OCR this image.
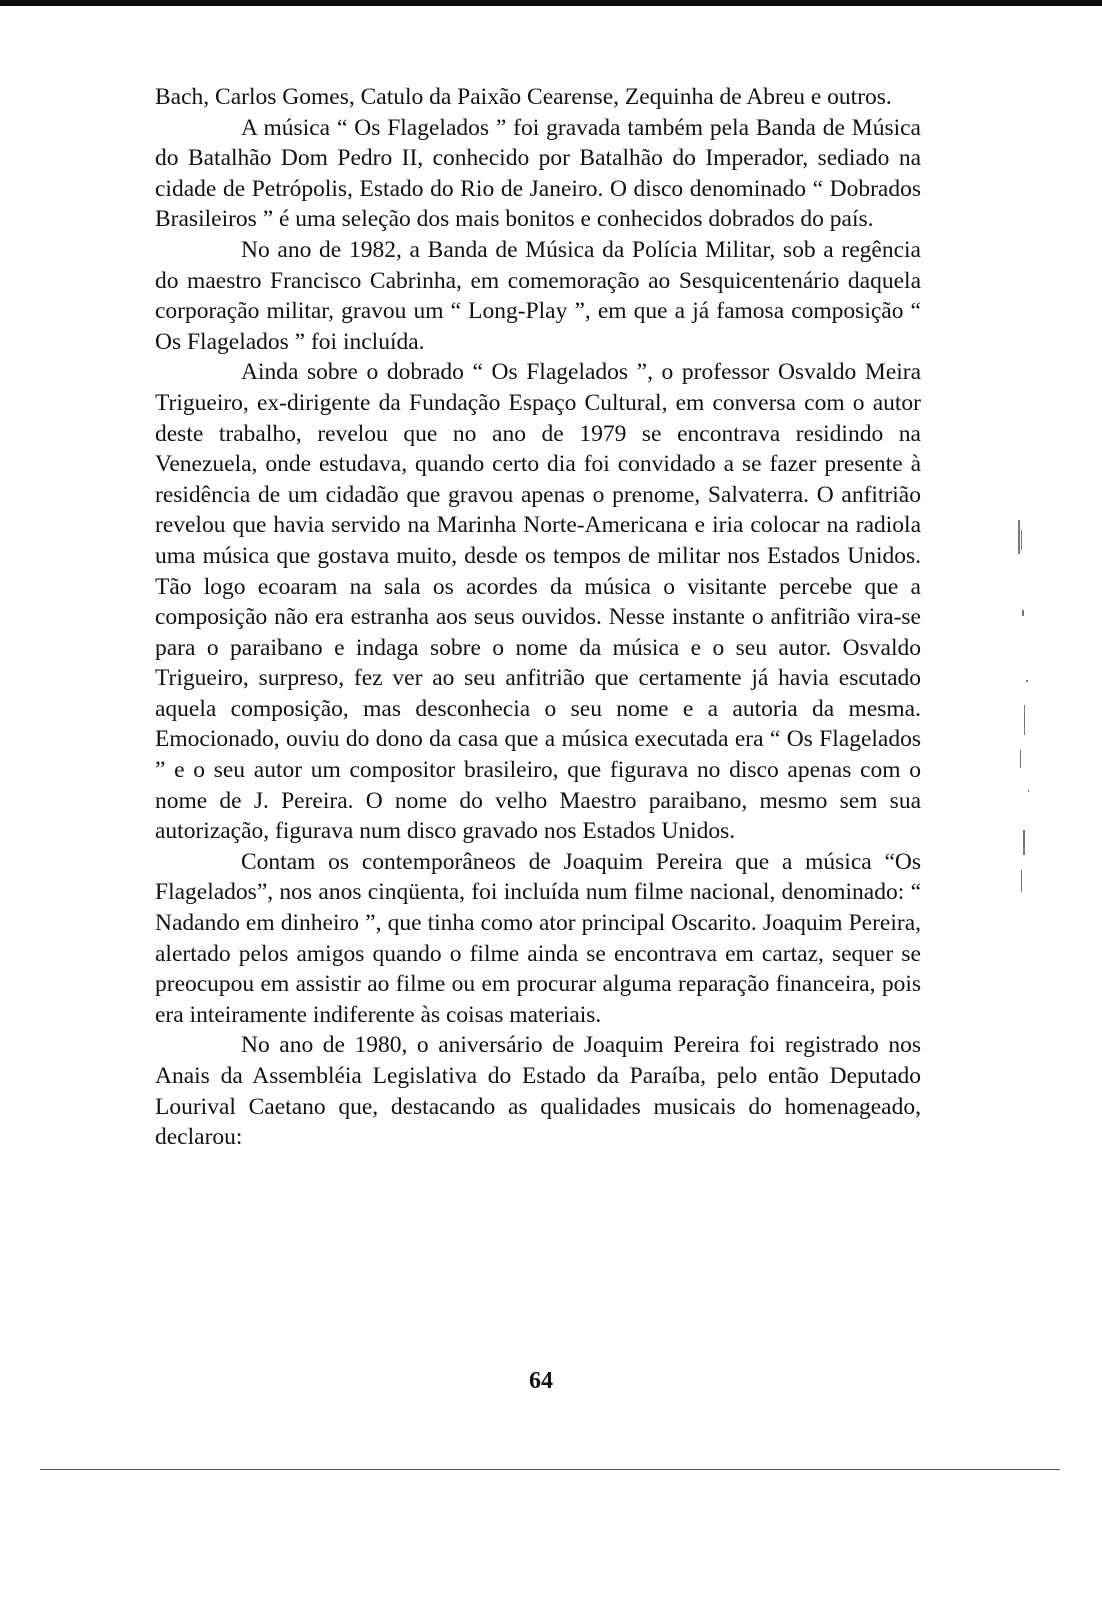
Bach, Carlos Gomes, Catulo da Paixão Cearense, Zequinha de Abreu e outros.

A música “ Os Flagelados ” foi gravada também pela Banda de Música do Batalhão Dom Pedro II, conhecido por Batalhão do Imperador, sediado na cidade de Petrópolis, Estado do Rio de Janeiro. O disco denominado “ Dobrados Brasileiros ” é uma seleção dos mais bonitos e conhecidos dobrados do país.

No ano de 1982, a Banda de Música da Polícia Militar, sob a regência do maestro Francisco Cabrinha, em comemoração ao Sesquicentenário daquela corporação militar, gravou um “ Long-Play ”, em que a já famosa composição “ Os Flagelados ” foi incluída.

Ainda sobre o dobrado “ Os Flagelados ”, o professor Osvaldo Meira Trigueiro, ex-dirigente da Fundação Espaço Cultural, em conversa com o autor deste trabalho, revelou que no ano de 1979 se encontrava residindo na Venezuela, onde estudava, quando certo dia foi convidado a se fazer presente à residência de um cidadão que gravou apenas o prenome, Salvaterra. O anfitrião revelou que havia servido na Marinha Norte-Americana e iria colocar na radiola uma música que gostava muito, desde os tempos de militar nos Estados Unidos. Tão logo ecoaram na sala os acordes da música o visitante percebe que a composição não era estranha aos seus ouvidos. Nesse instante o anfitrião vira-se para o paraibano e indaga sobre o nome da música e o seu autor. Osvaldo Trigueiro, surpreso, fez ver ao seu anfitrião que certamente já havia escutado aquela composição, mas desconhecia o seu nome e a autoria da mesma. Emocionado, ouviu do dono da casa que a música executada era “ Os Flagelados ” e o seu autor um compositor brasileiro, que figurava no disco apenas com o nome de J. Pereira. O nome do velho Maestro paraibano, mesmo sem sua autorização, figurava num disco gravado nos Estados Unidos.

Contam os contemporâneos de Joaquim Pereira que a música “Os Flagelados”, nos anos cinqüenta, foi incluída num filme nacional, denominado: “ Nadando em dinheiro ”, que tinha como ator principal Oscarito. Joaquim Pereira, alertado pelos amigos quando o filme ainda se encontrava em cartaz, sequer se preocupou em assistir ao filme ou em procurar alguma reparação financeira, pois era inteiramente indiferente às coisas materiais.

No ano de 1980, o aniversário de Joaquim Pereira foi registrado nos Anais da Assembléia Legislativa do Estado da Paraíba, pelo então Deputado Lourival Caetano que, destacando as qualidades musicais do homenageado, declarou:

64
